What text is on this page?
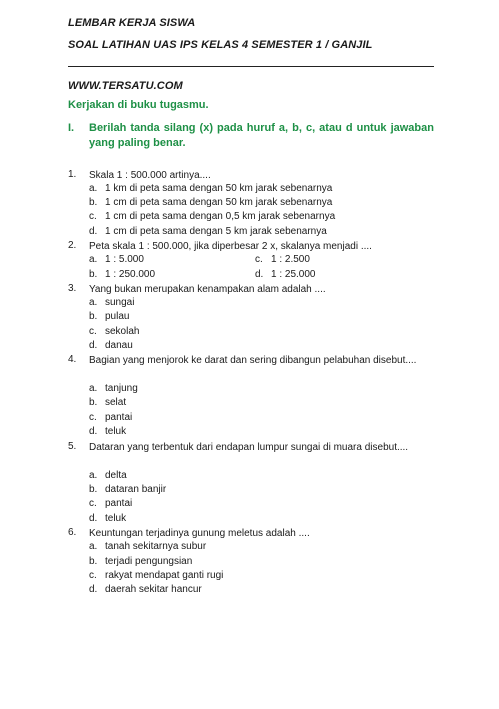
LEMBAR KERJA SISWA
SOAL LATIHAN UAS IPS KELAS 4 SEMESTER 1 / GANJIL
WWW.TERSATU.COM
Kerjakan di buku tugasmu.
I. Berilah tanda silang (x) pada huruf a, b, c, atau d untuk jawaban yang paling benar.
1. Skala 1 : 500.000 artinya....
a. 1 km di peta sama dengan 50 km jarak sebenarnya
b. 1 cm di peta sama dengan 50 km jarak sebenarnya
c. 1 cm di peta sama dengan 0,5 km jarak sebenarnya
d. 1 cm di peta sama dengan 5 km jarak sebenarnya
2. Peta skala 1 : 500.000, jika diperbesar 2 x, skalanya menjadi ....
a. 1 : 5.000	c. 1 : 2.500
b. 1 : 250.000	d. 1 : 25.000
3. Yang bukan merupakan kenampakan alam adalah ....
a. sungai
b. pulau
c. sekolah
d. danau
4. Bagian yang menjorok ke darat dan sering dibangun pelabuhan disebut....
a. tanjung
b. selat
c. pantai
d. teluk
5. Dataran yang terbentuk dari endapan lumpur sungai di muara disebut....
a. delta
b. dataran banjir
c. pantai
d. teluk
6. Keuntungan terjadinya gunung meletus adalah ....
a. tanah sekitarnya subur
b. terjadi pengungsian
c. rakyat mendapat ganti rugi
d. daerah sekitar hancur
